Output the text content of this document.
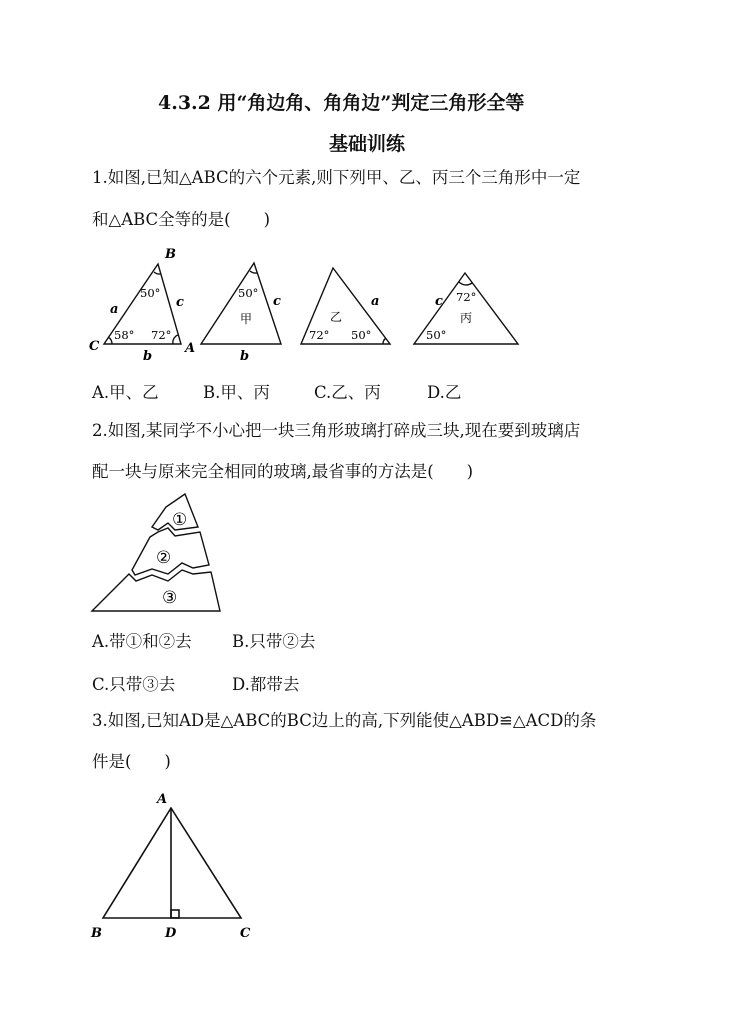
4.3.2 用“角边角、角角边”判定三角形全等
基础训练
1.如图,已知△ABC的六个元素,则下列甲、乙、丙三个三角形中一定
和△ABC全等的是(　　)
B
C	A
a	c
b
50°
58° 72°
50°
c
b
甲	乙
a
72° 50°
c 72°
50°
丙
A.甲、乙	B.甲、丙	C.乙、丙	D.乙
2.如图,某同学不小心把一块三角形玻璃打碎成三块,现在要到玻璃店
配一块与原来完全相同的玻璃,最省事的方法是(　　)
①
②
③
A.带①和②去 B.只带②去
C.只带③去	D.都带去
3.如图,已知AD是△ABC的BC边上的高,下列能使△ABD≌△ACD的条
件是(　　)
A
B	D	C
